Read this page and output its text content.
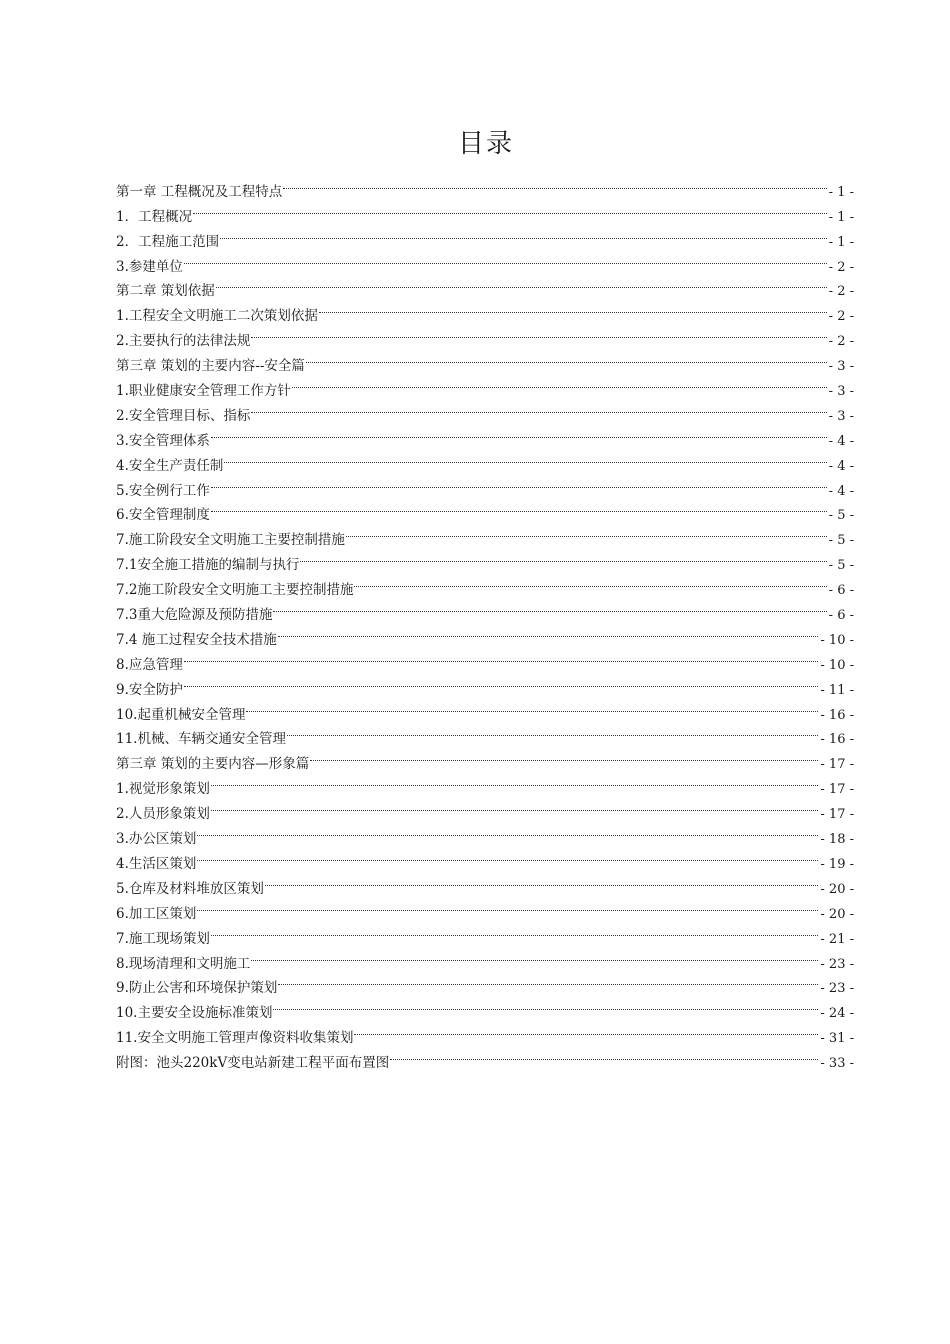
目录
第一章 工程概况及工程特点	- 1 -
1．工程概况	- 1 -
2．工程施工范围	- 1 -
3.参建单位	- 2 -
第二章 策划依据	- 2 -
1.工程安全文明施工二次策划依据	- 2 -
2.主要执行的法律法规	- 2 -
第三章 策划的主要内容--安全篇	- 3 -
1.职业健康安全管理工作方针	- 3 -
2.安全管理目标、指标	- 3 -
3.安全管理体系	- 4 -
4.安全生产责任制	- 4 -
5.安全例行工作	- 4 -
6.安全管理制度	- 5 -
7.施工阶段安全文明施工主要控制措施	- 5 -
7.1安全施工措施的编制与执行	- 5 -
7.2施工阶段安全文明施工主要控制措施	- 6 -
7.3重大危险源及预防措施	- 6 -
7.4 施工过程安全技术措施	- 10 -
8.应急管理	- 10 -
9.安全防护	- 11 -
10.起重机械安全管理	- 16 -
11.机械、车辆交通安全管理	- 16 -
第三章 策划的主要内容—形象篇	- 17 -
1.视觉形象策划	- 17 -
2.人员形象策划	- 17 -
3.办公区策划	- 18 -
4.生活区策划	- 19 -
5.仓库及材料堆放区策划	- 20 -
6.加工区策划	- 20 -
7.施工现场策划	- 21 -
8.现场清理和文明施工	- 23 -
9.防止公害和环境保护策划	- 23 -
10.主要安全设施标准策划	- 24 -
11.安全文明施工管理声像资料收集策划	- 31 -
附图：池头220kV变电站新建工程平面布置图	- 33 -
